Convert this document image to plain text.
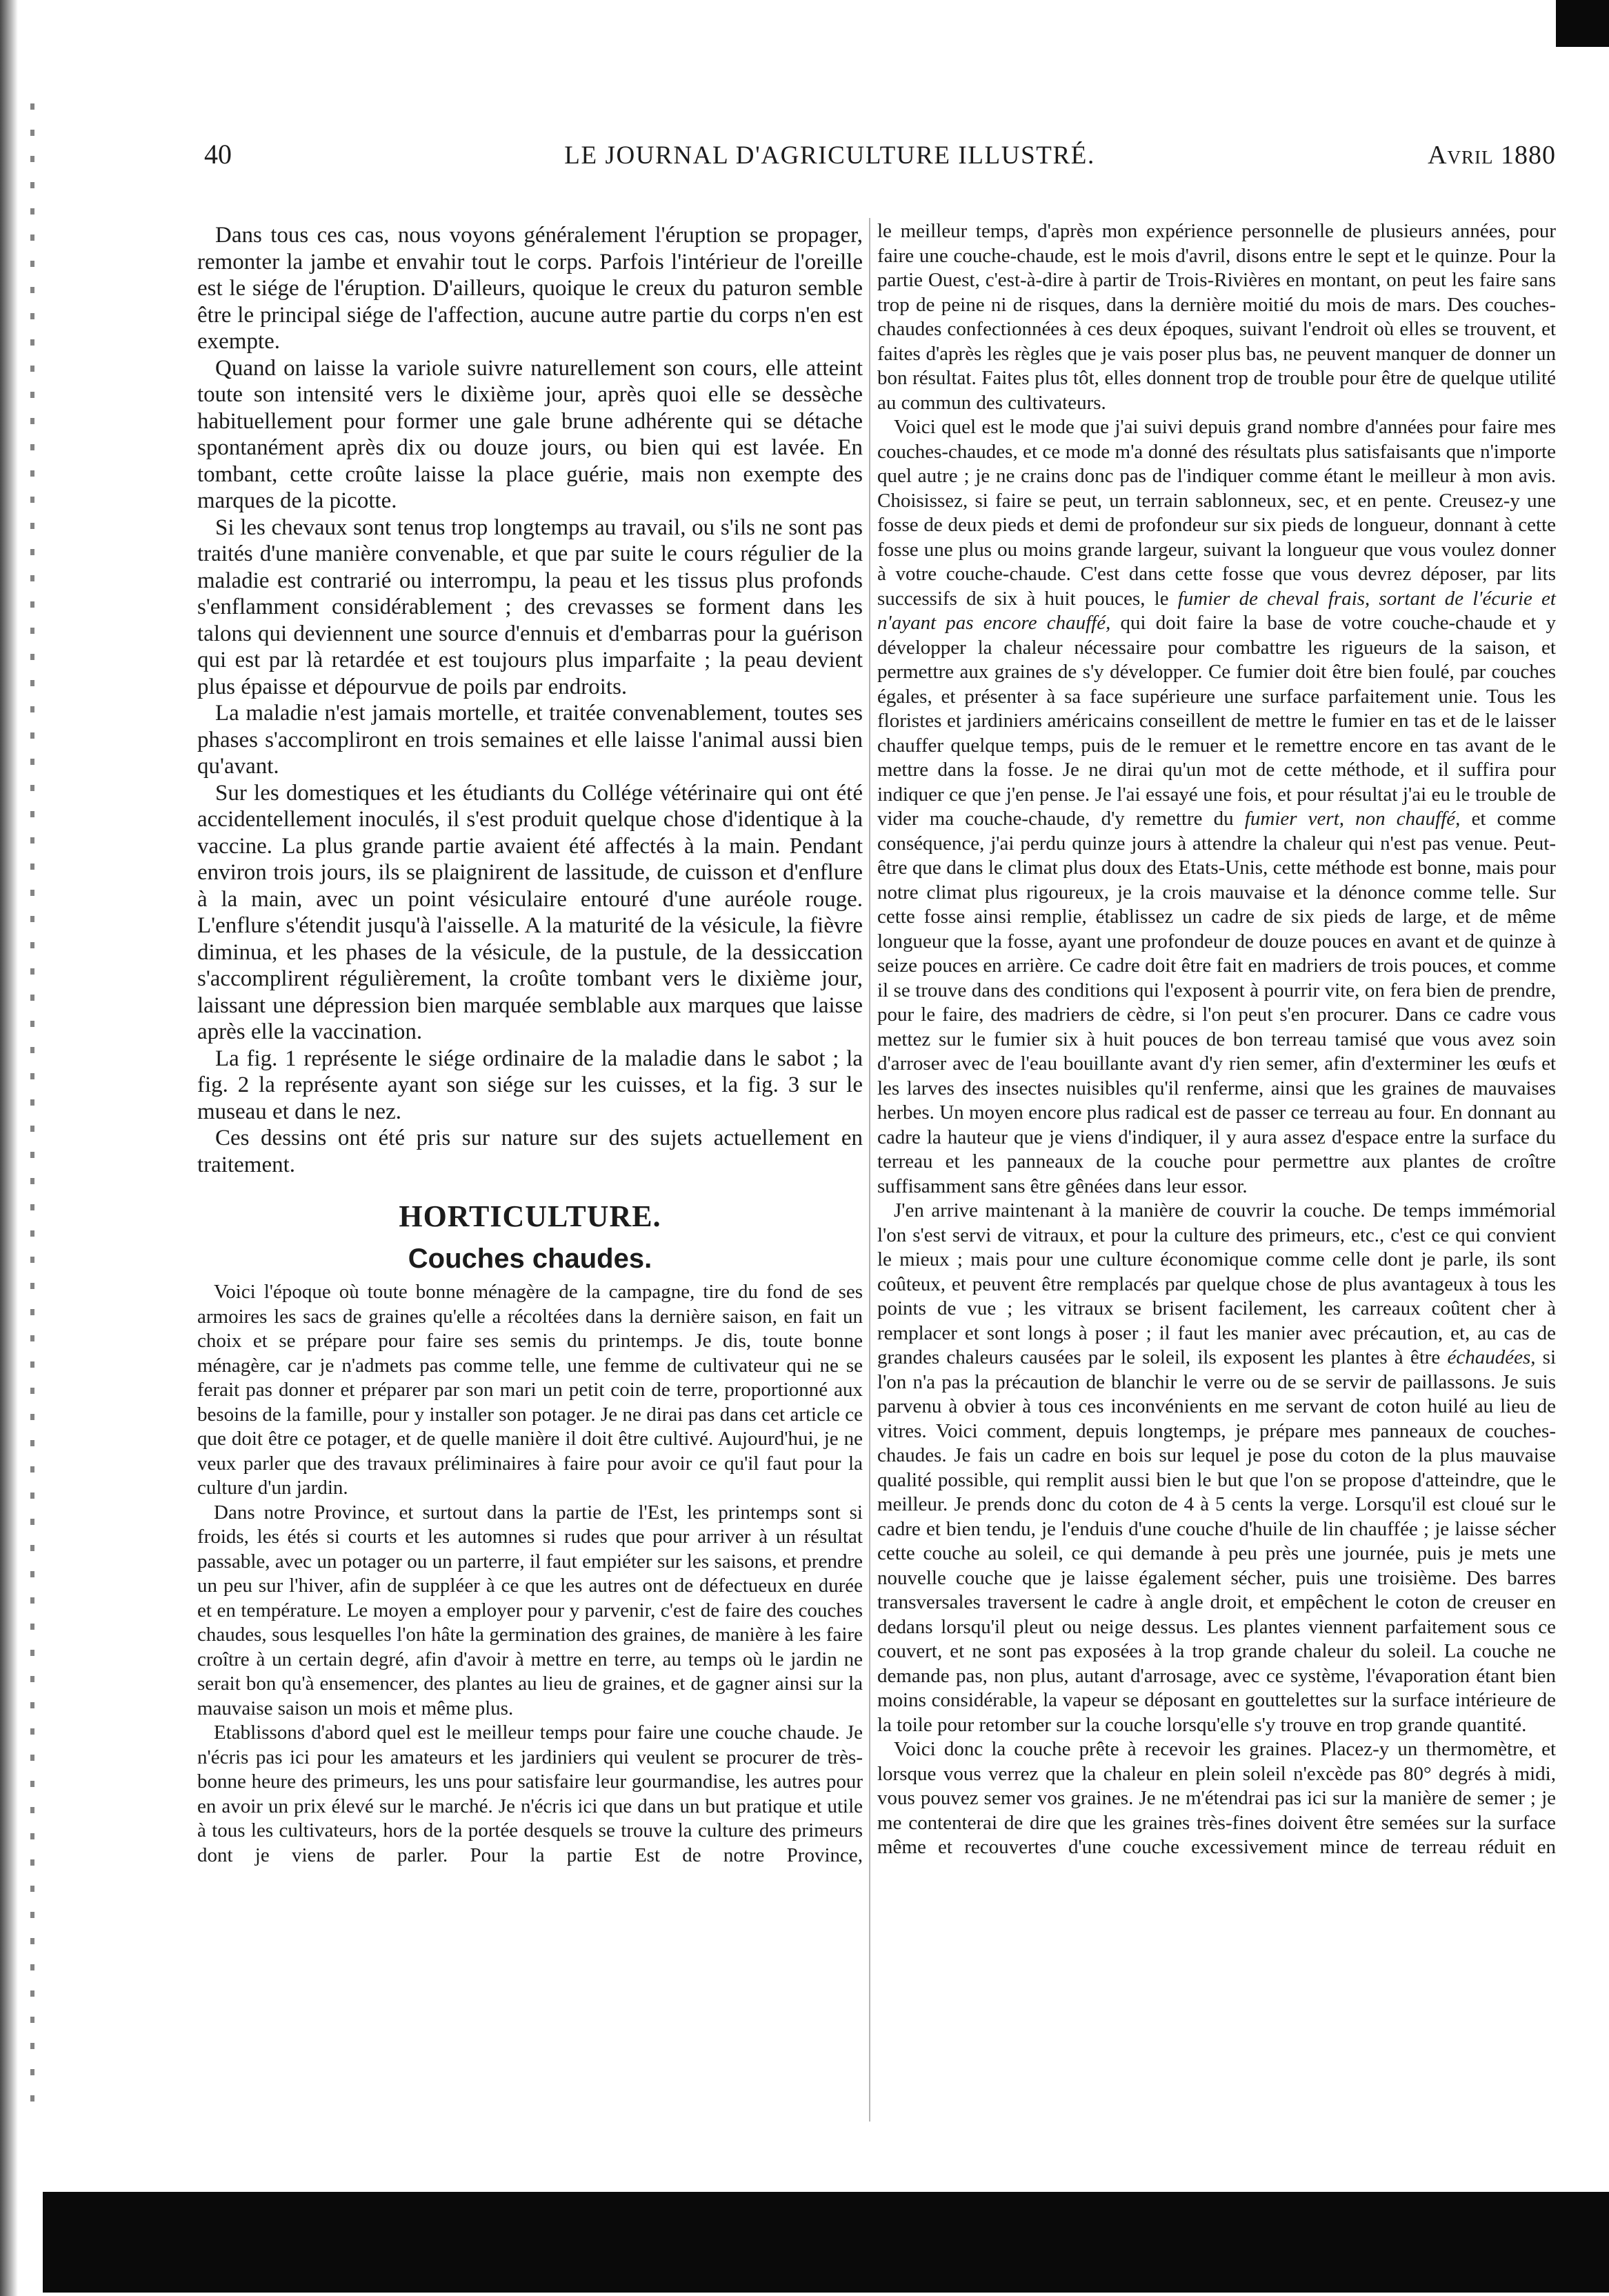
40	LE JOURNAL D'AGRICULTURE ILLUSTRÉ.	Avril 1880

Dans tous ces cas, nous voyons généralement l'éruption se propager, remonter la jambe et envahir tout le corps. Parfois l'intérieur de l'oreille est le siége de l'éruption. D'ailleurs, quoique le creux du paturon semble être le principal siége de l'affection, aucune autre partie du corps n'en est exempte.

Quand on laisse la variole suivre naturellement son cours, elle atteint toute son intensité vers le dixième jour, après quoi elle se dessèche habituellement pour former une gale brune adhérente qui se détache spontanément après dix ou douze jours, ou bien qui est lavée. En tombant, cette croûte laisse la place guérie, mais non exempte des marques de la picotte.

Si les chevaux sont tenus trop longtemps au travail, ou s'ils ne sont pas traités d'une manière convenable, et que par suite le cours régulier de la maladie est contrarié ou interrompu, la peau et les tissus plus profonds s'enflamment considérablement ; des crevasses se forment dans les talons qui deviennent une source d'ennuis et d'embarras pour la guérison qui est par là retardée et est toujours plus imparfaite ; la peau devient plus épaisse et dépourvue de poils par endroits.

La maladie n'est jamais mortelle, et traitée convenablement, toutes ses phases s'accompliront en trois semaines et elle laisse l'animal aussi bien qu'avant.

Sur les domestiques et les étudiants du Collége vétérinaire qui ont été accidentellement inoculés, il s'est produit quelque chose d'identique à la vaccine. La plus grande partie avaient été affectés à la main. Pendant environ trois jours, ils se plaignirent de lassitude, de cuisson et d'enflure à la main, avec un point vésiculaire entouré d'une auréole rouge. L'enflure s'étendit jusqu'à l'aisselle. A la maturité de la vésicule, la fièvre diminua, et les phases de la vésicule, de la pustule, de la dessiccation s'accomplirent régulièrement, la croûte tombant vers le dixième jour, laissant une dépression bien marquée semblable aux marques que laisse après elle la vaccination.

La fig. 1 représente le siége ordinaire de la maladie dans le sabot ; la fig. 2 la représente ayant son siége sur les cuisses, et la fig. 3 sur le museau et dans le nez.

Ces dessins ont été pris sur nature sur des sujets actuellement en traitement.

HORTICULTURE.
Couches chaudes.

Voici l'époque où toute bonne ménagère de la campagne, tire du fond de ses armoires les sacs de graines qu'elle a récoltées dans la dernière saison, en fait un choix et se prépare pour faire ses semis du printemps. Je dis, toute bonne ménagère, car je n'admets pas comme telle, une femme de cultivateur qui ne se ferait pas donner et préparer par son mari un petit coin de terre, proportionné aux besoins de la famille, pour y installer son potager. Je ne dirai pas dans cet article ce que doit être ce potager, et de quelle manière il doit être cultivé. Aujourd'hui, je ne veux parler que des travaux préliminaires à faire pour avoir ce qu'il faut pour la culture d'un jardin.

Dans notre Province, et surtout dans la partie de l'Est, les printemps sont si froids, les étés si courts et les automnes si rudes que pour arriver à un résultat passable, avec un potager ou un parterre, il faut empiéter sur les saisons, et prendre un peu sur l'hiver, afin de suppléer à ce que les autres ont de défectueux en durée et en température. Le moyen a employer pour y parvenir, c'est de faire des couches chaudes, sous lesquelles l'on hâte la germination des graines, de manière à les faire croître à un certain degré, afin d'avoir à mettre en terre, au temps où le jardin ne serait bon qu'à ensemencer, des plantes au lieu de graines, et de gagner ainsi sur la mauvaise saison un mois et même plus.

Etablissons d'abord quel est le meilleur temps pour faire une couche chaude. Je n'écris pas ici pour les amateurs et les jardiniers qui veulent se procurer de très-bonne heure des primeurs, les uns pour satisfaire leur gourmandise, les autres pour en avoir un prix élevé sur le marché. Je n'écris ici que dans un but pratique et utile à tous les cultivateurs, hors de la portée desquels se trouve la culture des primeurs dont je viens de parler. Pour la partie Est de notre Province,

le meilleur temps, d'après mon expérience personnelle de plusieurs années, pour faire une couche-chaude, est le mois d'avril, disons entre le sept et le quinze. Pour la partie Ouest, c'est-à-dire à partir de Trois-Rivières en montant, on peut les faire sans trop de peine ni de risques, dans la dernière moitié du mois de mars. Des couches-chaudes confectionnées à ces deux époques, suivant l'endroit où elles se trouvent, et faites d'après les règles que je vais poser plus bas, ne peuvent manquer de donner un bon résultat. Faites plus tôt, elles donnent trop de trouble pour être de quelque utilité au commun des cultivateurs.

Voici quel est le mode que j'ai suivi depuis grand nombre d'années pour faire mes couches-chaudes, et ce mode m'a donné des résultats plus satisfaisants que n'importe quel autre ; je ne crains donc pas de l'indiquer comme étant le meilleur à mon avis. Choisissez, si faire se peut, un terrain sablonneux, sec, et en pente. Creusez-y une fosse de deux pieds et demi de profondeur sur six pieds de longueur, donnant à cette fosse une plus ou moins grande largeur, suivant la longueur que vous voulez donner à votre couche-chaude. C'est dans cette fosse que vous devrez déposer, par lits successifs de six à huit pouces, le fumier de cheval frais, sortant de l'écurie et n'ayant pas encore chauffé, qui doit faire la base de votre couche-chaude et y développer la chaleur nécessaire pour combattre les rigueurs de la saison, et permettre aux graines de s'y développer. Ce fumier doit être bien foulé, par couches égales, et présenter à sa face supérieure une surface parfaitement unie. Tous les floristes et jardiniers américains conseillent de mettre le fumier en tas et de le laisser chauffer quelque temps, puis de le remuer et le remettre encore en tas avant de le mettre dans la fosse. Je ne dirai qu'un mot de cette méthode, et il suffira pour indiquer ce que j'en pense. Je l'ai essayé une fois, et pour résultat j'ai eu le trouble de vider ma couche-chaude, d'y remettre du fumier vert, non chauffé, et comme conséquence, j'ai perdu quinze jours à attendre la chaleur qui n'est pas venue. Peut-être que dans le climat plus doux des Etats-Unis, cette méthode est bonne, mais pour notre climat plus rigoureux, je la crois mauvaise et la dénonce comme telle. Sur cette fosse ainsi remplie, établissez un cadre de six pieds de large, et de même longueur que la fosse, ayant une profondeur de douze pouces en avant et de quinze à seize pouces en arrière. Ce cadre doit être fait en madriers de trois pouces, et comme il se trouve dans des conditions qui l'exposent à pourrir vite, on fera bien de prendre, pour le faire, des madriers de cèdre, si l'on peut s'en procurer. Dans ce cadre vous mettez sur le fumier six à huit pouces de bon terreau tamisé que vous avez soin d'arroser avec de l'eau bouillante avant d'y rien semer, afin d'exterminer les œufs et les larves des insectes nuisibles qu'il renferme, ainsi que les graines de mauvaises herbes. Un moyen encore plus radical est de passer ce terreau au four. En donnant au cadre la hauteur que je viens d'indiquer, il y aura assez d'espace entre la surface du terreau et les panneaux de la couche pour permettre aux plantes de croître suffisamment sans être gênées dans leur essor.

J'en arrive maintenant à la manière de couvrir la couche. De temps immémorial l'on s'est servi de vitraux, et pour la culture des primeurs, etc., c'est ce qui convient le mieux ; mais pour une culture économique comme celle dont je parle, ils sont coûteux, et peuvent être remplacés par quelque chose de plus avantageux à tous les points de vue ; les vitraux se brisent facilement, les carreaux coûtent cher à remplacer et sont longs à poser ; il faut les manier avec précaution, et, au cas de grandes chaleurs causées par le soleil, ils exposent les plantes à être échaudées, si l'on n'a pas la précaution de blanchir le verre ou de se servir de paillassons. Je suis parvenu à obvier à tous ces inconvénients en me servant de coton huilé au lieu de vitres. Voici comment, depuis longtemps, je prépare mes panneaux de couches-chaudes. Je fais un cadre en bois sur lequel je pose du coton de la plus mauvaise qualité possible, qui remplit aussi bien le but que l'on se propose d'atteindre, que le meilleur. Je prends donc du coton de 4 à 5 cents la verge. Lorsqu'il est cloué sur le cadre et bien tendu, je l'enduis d'une couche d'huile de lin chauffée ; je laisse sécher cette couche au soleil, ce qui demande à peu près une journée, puis je mets une nouvelle couche que je laisse également sécher, puis une troisième. Des barres transversales traversent le cadre à angle droit, et empêchent le coton de creuser en dedans lorsqu'il pleut ou neige dessus. Les plantes viennent parfaitement sous ce couvert, et ne sont pas exposées à la trop grande chaleur du soleil. La couche ne demande pas, non plus, autant d'arrosage, avec ce système, l'évaporation étant bien moins considérable, la vapeur se déposant en gouttelettes sur la surface intérieure de la toile pour retomber sur la couche lorsqu'elle s'y trouve en trop grande quantité.

Voici donc la couche prête à recevoir les graines. Placez-y un thermomètre, et lorsque vous verrez que la chaleur en plein soleil n'excède pas 80° degrés à midi, vous pouvez semer vos graines. Je ne m'étendrai pas ici sur la manière de semer ; je me contenterai de dire que les graines très-fines doivent être semées sur la surface même et recouvertes d'une couche excessivement mince de terreau réduit en
